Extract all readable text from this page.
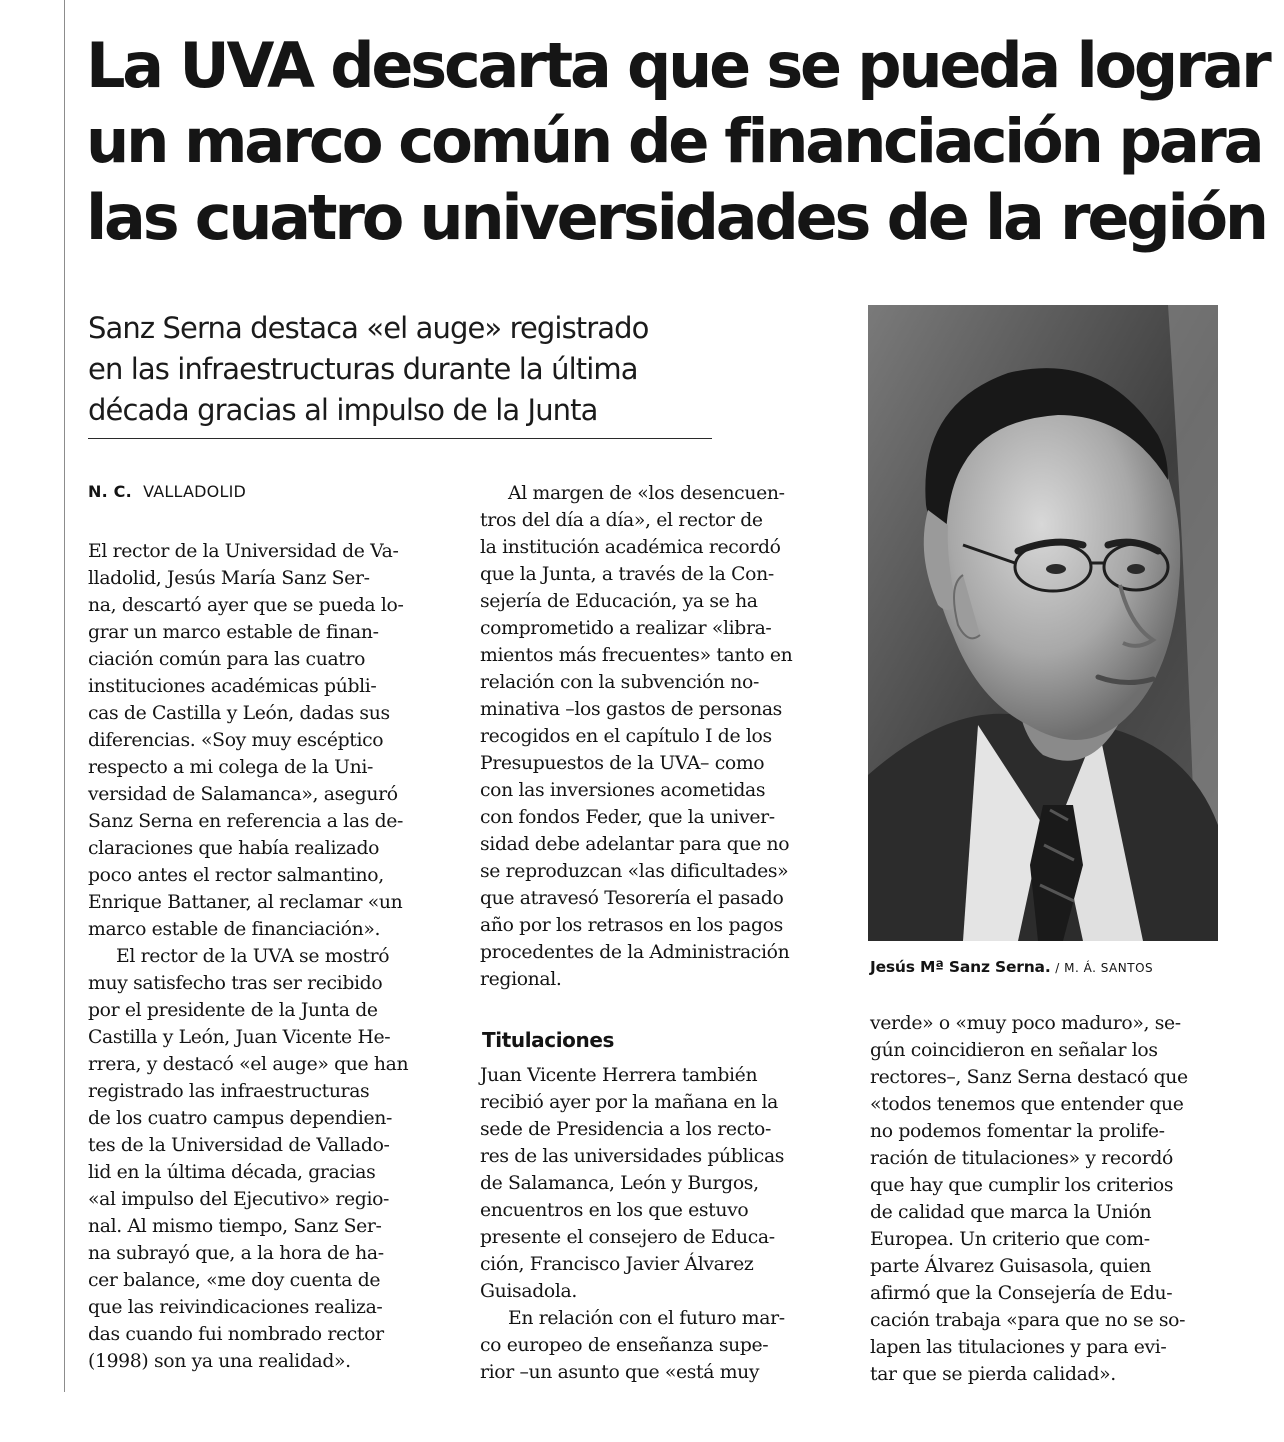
La UVA descarta que se pueda lograr
un marco común de financiación para
las cuatro universidades de la región
Sanz Serna destaca «el auge» registrado
en las infraestructuras durante la última
década gracias al impulso de la Junta
N. C. VALLADOLID
El rector de la Universidad de Va-
lladolid, Jesús María Sanz Ser-
na, descartó ayer que se pueda lo-
grar un marco estable de finan-
ciación común para las cuatro
instituciones académicas públi-
cas de Castilla y León, dadas sus
diferencias. «Soy muy escéptico
respecto a mi colega de la Uni-
versidad de Salamanca», aseguró
Sanz Serna en referencia a las de-
claraciones que había realizado
poco antes el rector salmantino,
Enrique Battaner, al reclamar «un
marco estable de financiación».
El rector de la UVA se mostró
muy satisfecho tras ser recibido
por el presidente de la Junta de
Castilla y León, Juan Vicente He-
rrera, y destacó «el auge» que han
registrado las infraestructuras
de los cuatro campus dependien-
tes de la Universidad de Vallado-
lid en la última década, gracias
«al impulso del Ejecutivo» regio-
nal. Al mismo tiempo, Sanz Ser-
na subrayó que, a la hora de ha-
cer balance, «me doy cuenta de
que las reivindicaciones realiza-
das cuando fui nombrado rector
(1998) son ya una realidad».
Al margen de «los desencuen-
tros del día a día», el rector de
la institución académica recordó
que la Junta, a través de la Con-
sejería de Educación, ya se ha
comprometido a realizar «libra-
mientos más frecuentes» tanto en
relación con la subvención no-
minativa –los gastos de personas
recogidos en el capítulo I de los
Presupuestos de la UVA– como
con las inversiones acometidas
con fondos Feder, que la univer-
sidad debe adelantar para que no
se reproduzcan «las dificultades»
que atravesó Tesorería el pasado
año por los retrasos en los pagos
procedentes de la Administración
regional.
Titulaciones
Juan Vicente Herrera también
recibió ayer por la mañana en la
sede de Presidencia a los recto-
res de las universidades públicas
de Salamanca, León y Burgos,
encuentros en los que estuvo
presente el consejero de Educa-
ción, Francisco Javier Álvarez
Guisadola.
En relación con el futuro mar-
co europeo de enseñanza supe-
rior –un asunto que «está muy
Jesús Mª Sanz Serna. / M. Á. SANTOS
verde» o «muy poco maduro», se-
gún coincidieron en señalar los
rectores–, Sanz Serna destacó que
«todos tenemos que entender que
no podemos fomentar la prolife-
ración de titulaciones» y recordó
que hay que cumplir los criterios
de calidad que marca la Unión
Europea. Un criterio que com-
parte Álvarez Guisasola, quien
afirmó que la Consejería de Edu-
cación trabaja «para que no se so-
lapen las titulaciones y para evi-
tar que se pierda calidad».
